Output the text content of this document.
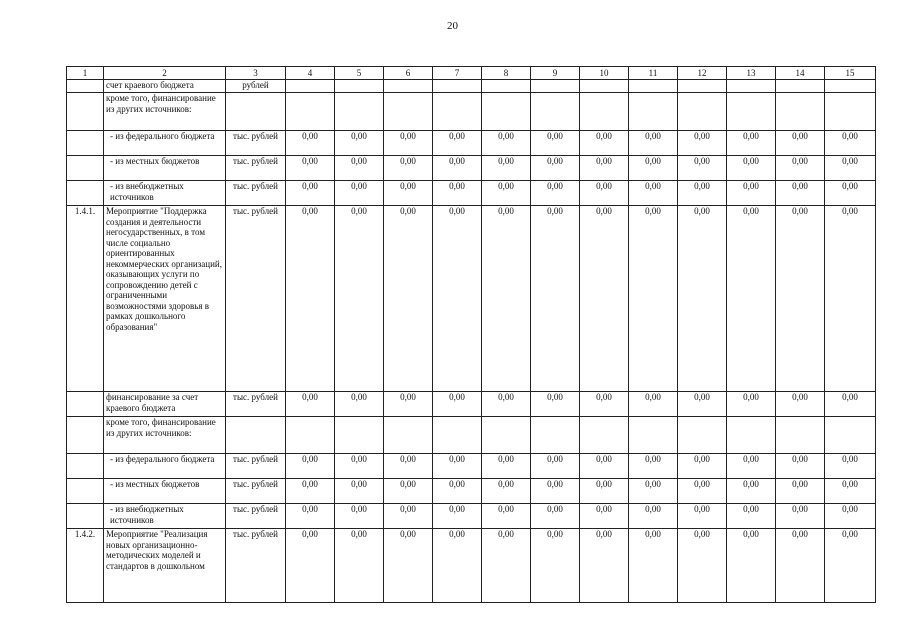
20
1	2	3	4	5	6	7	8	9	10	11	12	13	14	15
	счет краевого бюджета	рублей												
	кроме того, финансирование из других источников:													
	- из федерального бюджета	тыс. рублей	0,00	0,00	0,00	0,00	0,00	0,00	0,00	0,00	0,00	0,00	0,00	0,00
	- из местных бюджетов	тыс. рублей	0,00	0,00	0,00	0,00	0,00	0,00	0,00	0,00	0,00	0,00	0,00	0,00
	- из внебюджетных источников	тыс. рублей	0,00	0,00	0,00	0,00	0,00	0,00	0,00	0,00	0,00	0,00	0,00	0,00
1.4.1.	Мероприятие "Поддержка создания и деятельности негосударственных, в том числе социально ориентированных некоммерческих организаций, оказывающих услуги по сопровождению детей с ограниченными возможностями здоровья в рамках дошкольного образования"	тыс. рублей	0,00	0,00	0,00	0,00	0,00	0,00	0,00	0,00	0,00	0,00	0,00	0,00
	финансирование за счет краевого бюджета	тыс. рублей	0,00	0,00	0,00	0,00	0,00	0,00	0,00	0,00	0,00	0,00	0,00	0,00
	кроме того, финансирование из других источников:													
	- из федерального бюджета	тыс. рублей	0,00	0,00	0,00	0,00	0,00	0,00	0,00	0,00	0,00	0,00	0,00	0,00
	- из местных бюджетов	тыс. рублей	0,00	0,00	0,00	0,00	0,00	0,00	0,00	0,00	0,00	0,00	0,00	0,00
	- из внебюджетных источников	тыс. рублей	0,00	0,00	0,00	0,00	0,00	0,00	0,00	0,00	0,00	0,00	0,00	0,00
1.4.2.	Мероприятие "Реализация новых организационно-методических моделей и стандартов в дошкольном	тыс. рублей	0,00	0,00	0,00	0,00	0,00	0,00	0,00	0,00	0,00	0,00	0,00	0,00
